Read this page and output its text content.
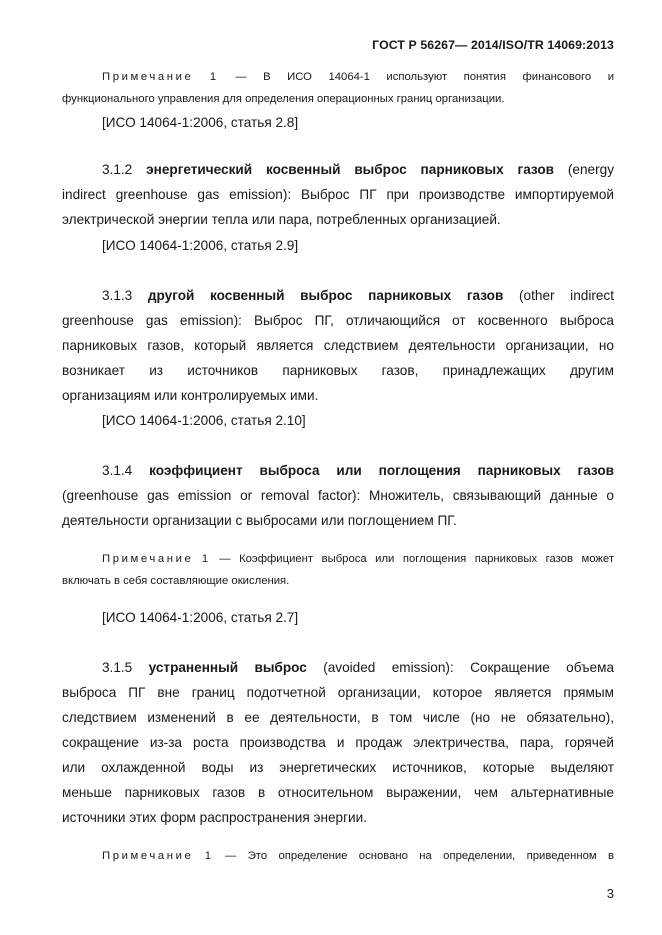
ГОСТ Р 56267— 2014/ISO/TR 14069:2013
Примечание 1 — В ИСО 14064-1 используют понятия финансового и
функционального управления для определения операционных границ организации.
[ИСО 14064-1:2006, статья 2.8]
3.1.2 энергетический косвенный выброс парниковых газов (energy
indirect greenhouse gas emission): Выброс ПГ при производстве импортируемой
электрической энергии тепла или пара, потребленных организацией.
[ИСО 14064-1:2006, статья 2.9]
3.1.3 другой косвенный выброс парниковых газов (other indirect
greenhouse gas emission): Выброс ПГ, отличающийся от косвенного выброса
парниковых газов, который является следствием деятельности организации, но
возникает из источников парниковых газов, принадлежащих другим
организациям или контролируемых ими.
[ИСО 14064-1:2006, статья 2.10]
3.1.4 коэффициент выброса или поглощения парниковых газов
(greenhouse gas emission or removal factor): Множитель, связывающий данные о
деятельности организации с выбросами или поглощением ПГ.
Примечание 1 — Коэффициент выброса или поглощения парниковых газов может
включать в себя составляющие окисления.
[ИСО 14064-1:2006, статья 2.7]
3.1.5 устраненный выброс (avoided emission): Сокращение объема
выброса ПГ вне границ подотчетной организации, которое является прямым
следствием изменений в ее деятельности, в том числе (но не обязательно),
сокращение из-за роста производства и продаж электричества, пара, горячей
или охлажденной воды из энергетических источников, которые выделяют
меньше парниковых газов в относительном выражении, чем альтернативные
источники этих форм распространения энергии.
Примечание 1 — Это определение основано на определении, приведенном в
3
